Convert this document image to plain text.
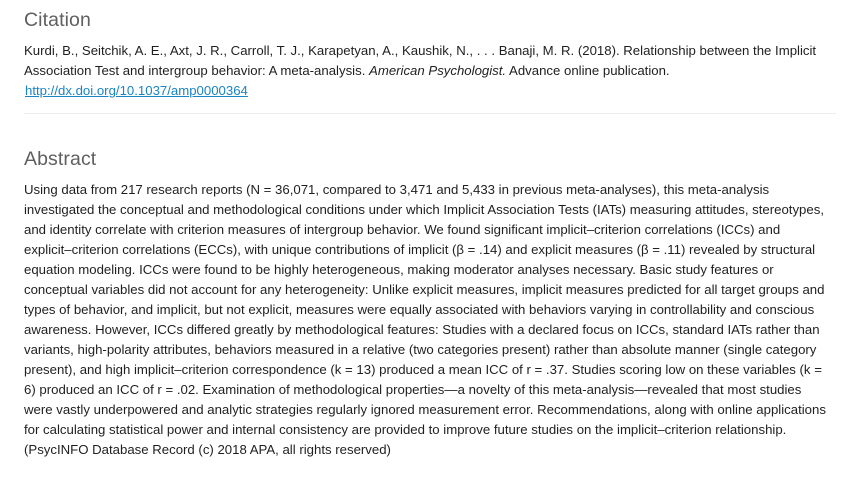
Citation
Kurdi, B., Seitchik, A. E., Axt, J. R., Carroll, T. J., Karapetyan, A., Kaushik, N., . . . Banaji, M. R. (2018). Relationship between the Implicit Association Test and intergroup behavior: A meta-analysis. American Psychologist. Advance online publication.
http://dx.doi.org/10.1037/amp0000364
Abstract

Using data from 217 research reports (N = 36,071, compared to 3,471 and 5,433 in previous meta-analyses), this meta-analysis investigated the conceptual and methodological conditions under which Implicit Association Tests (IATs) measuring attitudes, stereotypes, and identity correlate with criterion measures of intergroup behavior. We found significant implicit–criterion correlations (ICCs) and explicit–criterion correlations (ECCs), with unique contributions of implicit (β = .14) and explicit measures (β = .11) revealed by structural equation modeling. ICCs were found to be highly heterogeneous, making moderator analyses necessary. Basic study features or conceptual variables did not account for any heterogeneity: Unlike explicit measures, implicit measures predicted for all target groups and types of behavior, and implicit, but not explicit, measures were equally associated with behaviors varying in controllability and conscious awareness. However, ICCs differed greatly by methodological features: Studies with a declared focus on ICCs, standard IATs rather than variants, high-polarity attributes, behaviors measured in a relative (two categories present) rather than absolute manner (single category present), and high implicit–criterion correspondence (k = 13) produced a mean ICC of r = .37. Studies scoring low on these variables (k = 6) produced an ICC of r = .02. Examination of methodological properties—a novelty of this meta-analysis—revealed that most studies were vastly underpowered and analytic strategies regularly ignored measurement error. Recommendations, along with online applications for calculating statistical power and internal consistency are provided to improve future studies on the implicit–criterion relationship. (PsycINFO Database Record (c) 2018 APA, all rights reserved)
